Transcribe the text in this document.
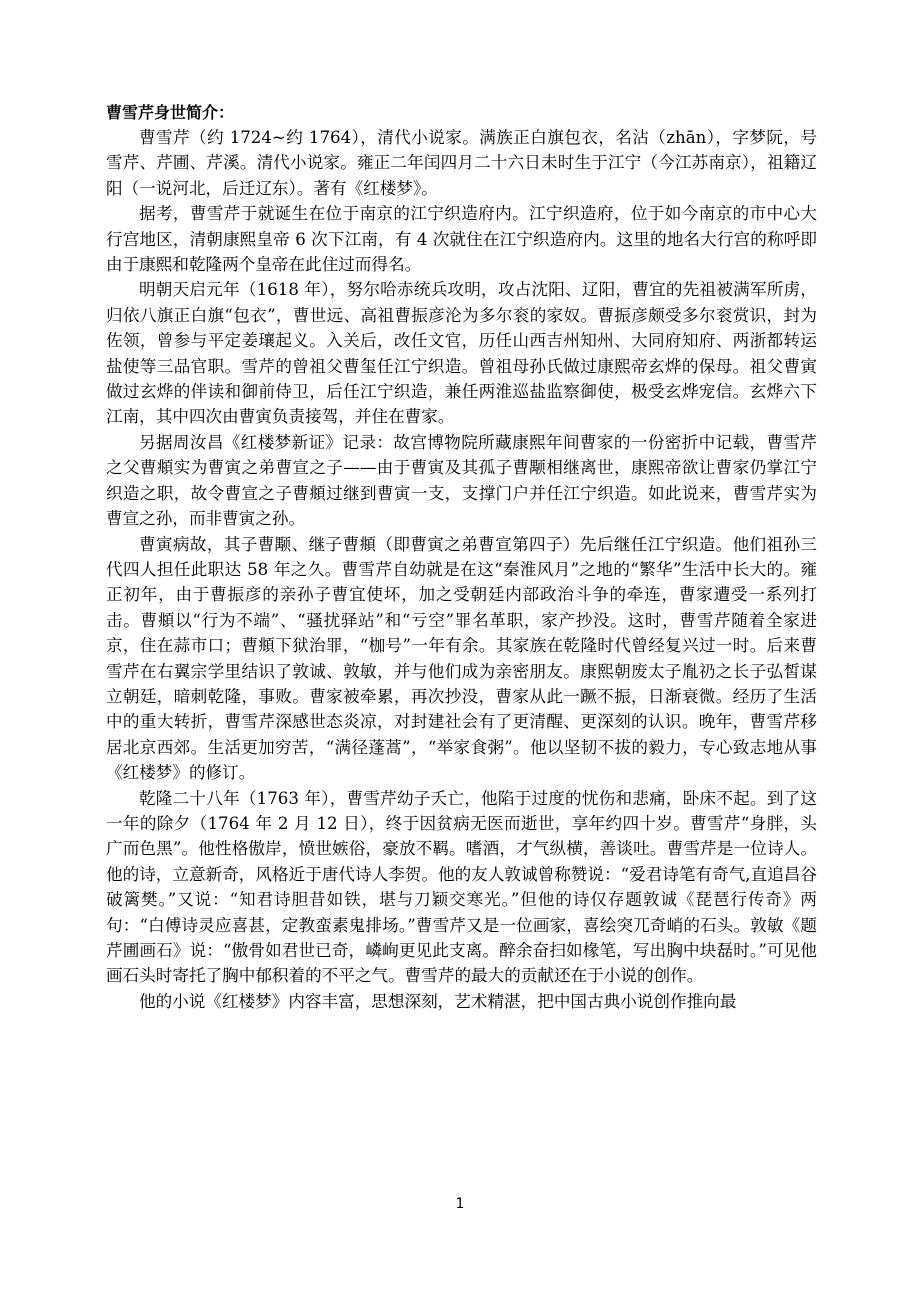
曹雪芹身世简介：

曹雪芹（约 1724~约 1764），清代小说家。满族正白旗包衣，名沾（zhān），字梦阮，号雪芹、芹圃、芹溪。清代小说家。雍正二年闰四月二十六日未时生于江宁（今江苏南京），祖籍辽阳（一说河北，后迁辽东）。著有《红楼梦》。

据考，曹雪芹于就诞生在位于南京的江宁织造府内。江宁织造府，位于如今南京的市中心大行宫地区，清朝康熙皇帝 6 次下江南，有 4 次就住在江宁织造府内。这里的地名大行宫的称呼即由于康熙和乾隆两个皇帝在此住过而得名。

明朝天启元年（1618 年），努尔哈赤统兵攻明，攻占沈阳、辽阳，曹宜的先祖被满军所虏，归依八旗正白旗“包衣”，曹世远、高祖曹振彦沦为多尔衮的家奴。曹振彦颇受多尔衮赏识，封为佐领，曾参与平定姜瓖起义。入关后，改任文官，历任山西吉州知州、大同府知府、两浙都转运盐使等三品官职。雪芹的曾祖父曹玺任江宁织造。曾祖母孙氏做过康熙帝玄烨的保母。祖父曹寅做过玄烨的伴读和御前侍卫，后任江宁织造，兼任两淮巡盐监察御使，极受玄烨宠信。玄烨六下江南，其中四次由曹寅负责接驾，并住在曹家。

另据周汝昌《红楼梦新证》记录：故宫博物院所藏康熙年间曹家的一份密折中记载，曹雪芹之父曹頫实为曹寅之弟曹宣之子——由于曹寅及其孤子曹颙相继离世，康熙帝欲让曹家仍掌江宁织造之职，故令曹宣之子曹頫过继到曹寅一支，支撑门户并任江宁织造。如此说来，曹雪芹实为曹宣之孙，而非曹寅之孙。

曹寅病故，其子曹颙、继子曹頫（即曹寅之弟曹宣第四子）先后继任江宁织造。他们祖孙三代四人担任此职达 58 年之久。曹雪芹自幼就是在这“秦淮风月”之地的“繁华”生活中长大的。雍正初年，由于曹振彦的亲孙子曹宜使坏，加之受朝廷内部政治斗争的牵连，曹家遭受一系列打击。曹頫以“行为不端”、“骚扰驿站”和“亏空”罪名革职，家产抄没。这时，曹雪芹随着全家进京，住在蒜市口；曹頫下狱治罪，“枷号”一年有余。其家族在乾隆时代曾经复兴过一时。后来曹雪芹在右翼宗学里结识了敦诚、敦敏，并与他们成为亲密朋友。康熙朝废太子胤礽之长子弘皙谋立朝廷，暗刺乾隆，事败。曹家被牵累，再次抄没，曹家从此一蹶不振，日渐衰微。经历了生活中的重大转折，曹雪芹深感世态炎凉，对封建社会有了更清醒、更深刻的认识。晚年，曹雪芹移居北京西郊。生活更加穷苦，“满径蓬蒿”，“举家食粥”。他以坚韧不拔的毅力，专心致志地从事《红楼梦》的修订。

乾隆二十八年（1763 年），曹雪芹幼子夭亡，他陷于过度的忧伤和悲痛，卧床不起。到了这一年的除夕（1764 年 2 月 12 日），终于因贫病无医而逝世，享年约四十岁。曹雪芹“身胖，头广而色黑”。他性格傲岸，愤世嫉俗，豪放不羁。嗜酒，才气纵横，善谈吐。曹雪芹是一位诗人。他的诗，立意新奇，风格近于唐代诗人李贺。他的友人敦诚曾称赞说：“爱君诗笔有奇气,直追昌谷破篱樊。”又说：“知君诗胆昔如铁，堪与刀颖交寒光。”但他的诗仅存题敦诚《琵琶行传奇》两句：“白傅诗灵应喜甚，定教蛮素鬼排场。”曹雪芹又是一位画家，喜绘突兀奇峭的石头。敦敏《题芹圃画石》说：“傲骨如君世已奇，嶙峋更见此支离。醉余奋扫如椽笔，写出胸中块磊时。”可见他画石头时寄托了胸中郁积着的不平之气。曹雪芹的最大的贡献还在于小说的创作。

他的小说《红楼梦》内容丰富，思想深刻，艺术精湛，把中国古典小说创作推向最

1
